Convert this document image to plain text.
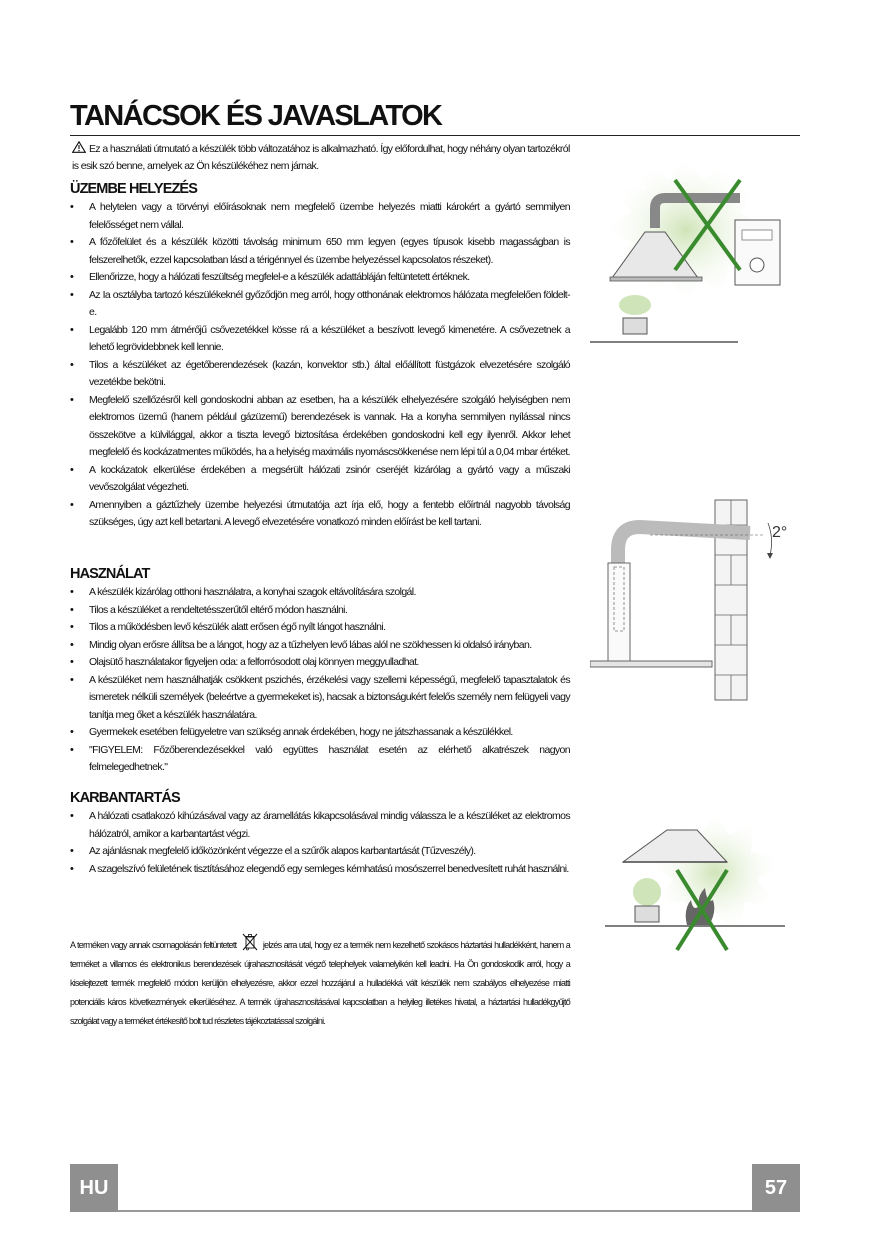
TANÁCSOK ÉS JAVASLATOK
Ez a használati útmutató a készülék több változatához is alkalmazható. Így előfordulhat, hogy néhány olyan tartozékról is esik szó benne, amelyek az Ön készülékéhez nem járnak.
ÜZEMBE HELYEZÉS
• A helytelen vagy a törvényi előírásoknak nem megfelelő üzembe helyezés miatti károkért a gyártó semmilyen felelősséget nem vállal.
• A főzőfelület és a készülék közötti távolság minimum 650 mm legyen (egyes típusok kisebb magasságban is felszerelhetők, ezzel kapcsolatban lásd a térigénnyel és üzembe helyezéssel kapcsolatos részeket).
• Ellenőrizze, hogy a hálózati feszültség megfelel-e a készülék adattábláján feltüntetett értéknek.
• Az Ia osztályba tartozó készülékeknél győződjön meg arról, hogy otthonának elektromos hálózata megfelelően földelt-e.
• Legalább 120 mm átmérőjű csővezetékkel kösse rá a készüléket a beszívott levegő kimenetére. A csővezetnek a lehető legrövidebbnek kell lennie.
• Tilos a készüléket az égetőberendezések (kazán, konvektor stb.) által előállított füstgázok elvezetésére szolgáló vezetékbe bekötni.
• Megfelelő szellőzésről kell gondoskodni abban az esetben, ha a készülék elhelyezésére szolgáló helyiségben nem elektromos üzemű (hanem például gázüzemű) berendezések is vannak. Ha a konyha semmilyen nyílással nincs összekötve a külvilággal, akkor a tiszta levegő biztosítása érdekében gondoskodni kell egy ilyenről. Akkor lehet megfelelő és kockázatmentes működés, ha a helyiség maximális nyomáscsökkenése nem lépi túl a 0,04 mbar értéket.
• A kockázatok elkerülése érdekében a megsérült hálózati zsinór cseréjét kizárólag a gyártó vagy a műszaki vevőszolgálat végezheti.
• Amennyiben a gáztűzhely üzembe helyezési útmutatója azt írja elő, hogy a fentebb előírtnál nagyobb távolság szükséges, úgy azt kell betartani. A levegő elvezetésére vonatkozó minden előírást be kell tartani.
HASZNÁLAT
• A készülék kizárólag otthoni használatra, a konyhai szagok eltávolítására szolgál.
• Tilos a készüléket a rendeltetésszerűtől eltérő módon használni.
• Tilos a működésben levő készülék alatt erősen égő nyílt lángot használni.
• Mindig olyan erősre állítsa be a lángot, hogy az a tűzhelyen levő lábas alól ne szökhessen ki oldalsó irányban.
• Olajsütő használatakor figyeljen oda: a felforrósodott olaj könnyen meggyulladhat.
• A készüléket nem használhatják csökkent pszichés, érzékelési vagy szellemi képességű, megfelelő tapasztalatok és ismeretek nélküli személyek (beleértve a gyermekeket is), hacsak a biztonságukért felelős személy nem felügyeli vagy tanítja meg őket a készülék használatára.
• Gyermekek esetében felügyeletre van szükség annak érdekében, hogy ne játszhassanak a készülékkel.
• "FIGYELEM: Főzőberendezésekkel való együttes használat esetén az elérhető alkatrészek nagyon felmelegedhetnek."
KARBANTARTÁS
• A hálózati csatlakozó kihúzásával vagy az áramellátás kikapcsolásával mindig válassza le a készüléket az elektromos hálózatról, amikor a karbantartást végzi.
• Az ajánlásnak megfelelő időközönként végezze el a szűrők alapos karbantartását (Tűzveszély).
• A szagelszívó felületének tisztításához elegendő egy semleges kémhatású mosószerrel benedvesített ruhát használni.
A terméken vagy annak csomagolásán feltüntetett	jelzés arra utal, hogy ez a termék nem kezelhető szokásos háztartási hulladékként, hanem a terméket a villamos és elektronikus berendezések újrahasznosítását végző telephelyek valamelyikén kell leadni. Ha Ön gondoskodik arról, hogy a kiselejtezett termék megfelelő módon kerüljön elhelyezésre, akkor ezzel hozzájárul a hulladékká vált készülék nem szabályos elhelyezése miatti potenciális káros következmények elkerüléséhez. A termék újrahasznosításával kapcsolatban a helyileg illetékes hivatal, a háztartási hulladékgyűjtő szolgálat vagy a terméket értékesítő bolt tud részletes tájékoztatással szolgálni.
2°
HU	57
